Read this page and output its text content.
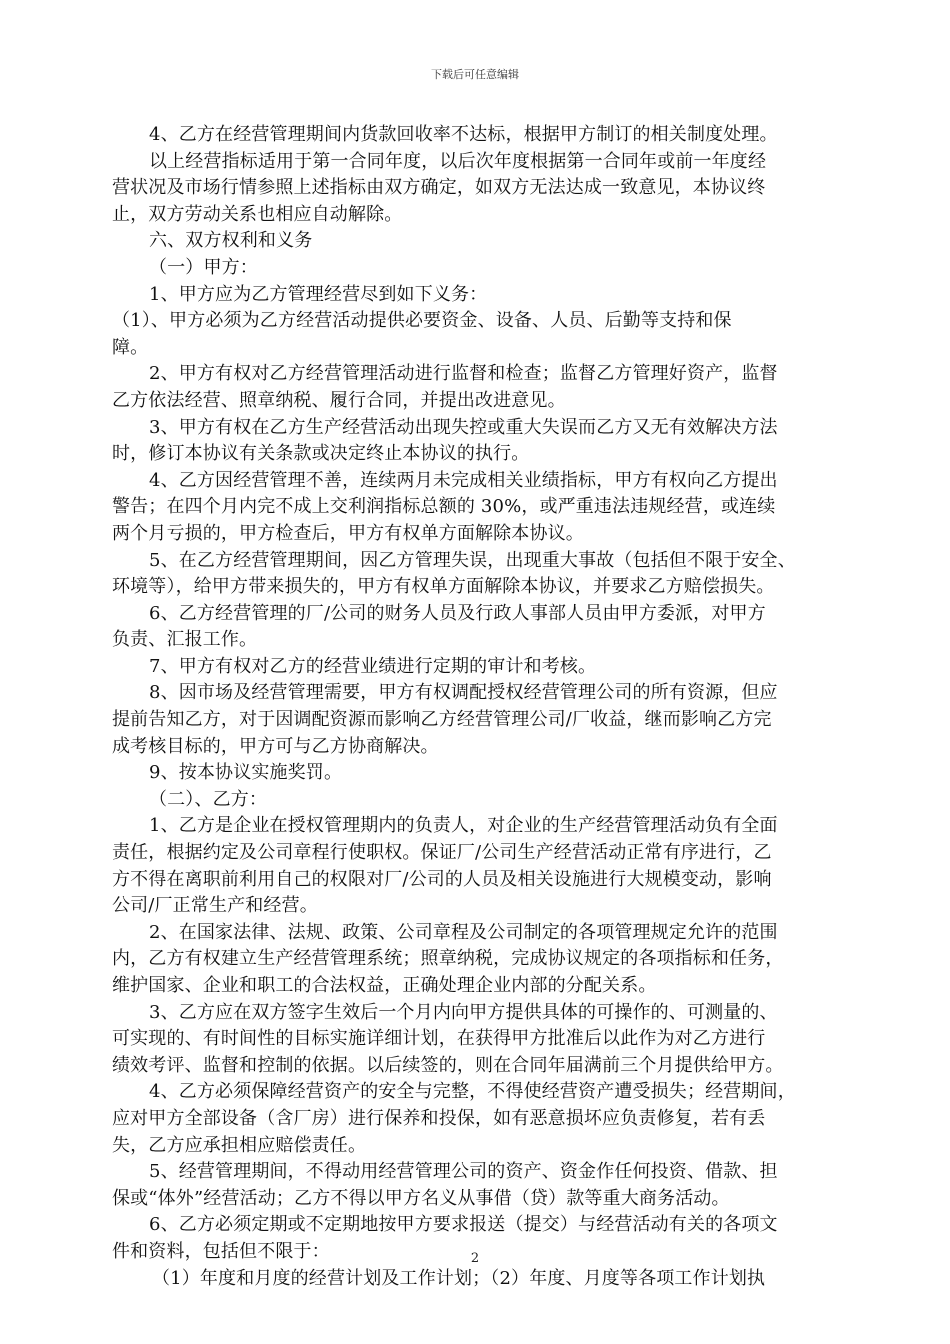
下载后可任意编辑

4、乙方在经营管理期间内货款回收率不达标，根据甲方制订的相关制度处理。

以上经营指标适用于第一合同年度，以后次年度根据第一合同年或前一年度经

营状况及市场行情参照上述指标由双方确定，如双方无法达成一致意见，本协议终

止，双方劳动关系也相应自动解除。

六、双方权利和义务

（一）甲方：

1、甲方应为乙方管理经营尽到如下义务：

（1）、甲方必须为乙方经营活动提供必要资金、设备、人员、后勤等支持和保

障。

2、甲方有权对乙方经营管理活动进行监督和检查；监督乙方管理好资产，监督

乙方依法经营、照章纳税、履行合同，并提出改进意见。

3、甲方有权在乙方生产经营活动出现失控或重大失误而乙方又无有效解决方法

时，修订本协议有关条款或决定终止本协议的执行。

4、乙方因经营管理不善，连续两月未完成相关业绩指标，甲方有权向乙方提出

警告；在四个月内完不成上交利润指标总额的 30%，或严重违法违规经营，或连续

两个月亏损的，甲方检查后，甲方有权单方面解除本协议。

5、在乙方经营管理期间，因乙方管理失误，出现重大事故（包括但不限于安全、

环境等），给甲方带来损失的，甲方有权单方面解除本协议，并要求乙方赔偿损失。

6、乙方经营管理的厂/公司的财务人员及行政人事部人员由甲方委派，对甲方

负责、汇报工作。

7、甲方有权对乙方的经营业绩进行定期的审计和考核。

8、因市场及经营管理需要，甲方有权调配授权经营管理公司的所有资源，但应

提前告知乙方，对于因调配资源而影响乙方经营管理公司/厂收益，继而影响乙方完

成考核目标的，甲方可与乙方协商解决。

9、按本协议实施奖罚。

（二）、乙方：

1、乙方是企业在授权管理期内的负责人，对企业的生产经营管理活动负有全面

责任，根据约定及公司章程行使职权。保证厂/公司生产经营活动正常有序进行，乙

方不得在离职前利用自己的权限对厂/公司的人员及相关设施进行大规模变动，影响

公司/厂正常生产和经营。

2、在国家法律、法规、政策、公司章程及公司制定的各项管理规定允许的范围

内，乙方有权建立生产经营管理系统；照章纳税，完成协议规定的各项指标和任务，

维护国家、企业和职工的合法权益，正确处理企业内部的分配关系。

3、乙方应在双方签字生效后一个月内向甲方提供具体的可操作的、可测量的、

可实现的、有时间性的目标实施详细计划，在获得甲方批准后以此作为对乙方进行

绩效考评、监督和控制的依据。以后续签的，则在合同年届满前三个月提供给甲方。

4、乙方必须保障经营资产的安全与完整，不得使经营资产遭受损失；经营期间，

应对甲方全部设备（含厂房）进行保养和投保，如有恶意损坏应负责修复，若有丢

失，乙方应承担相应赔偿责任。

5、经营管理期间，不得动用经营管理公司的资产、资金作任何投资、借款、担

保或“体外”经营活动；乙方不得以甲方名义从事借（贷）款等重大商务活动。

6、乙方必须定期或不定期地按甲方要求报送（提交）与经营活动有关的各项文

件和资料，包括但不限于：

（1）年度和月度的经营计划及工作计划；（2）年度、月度等各项工作计划执

2
